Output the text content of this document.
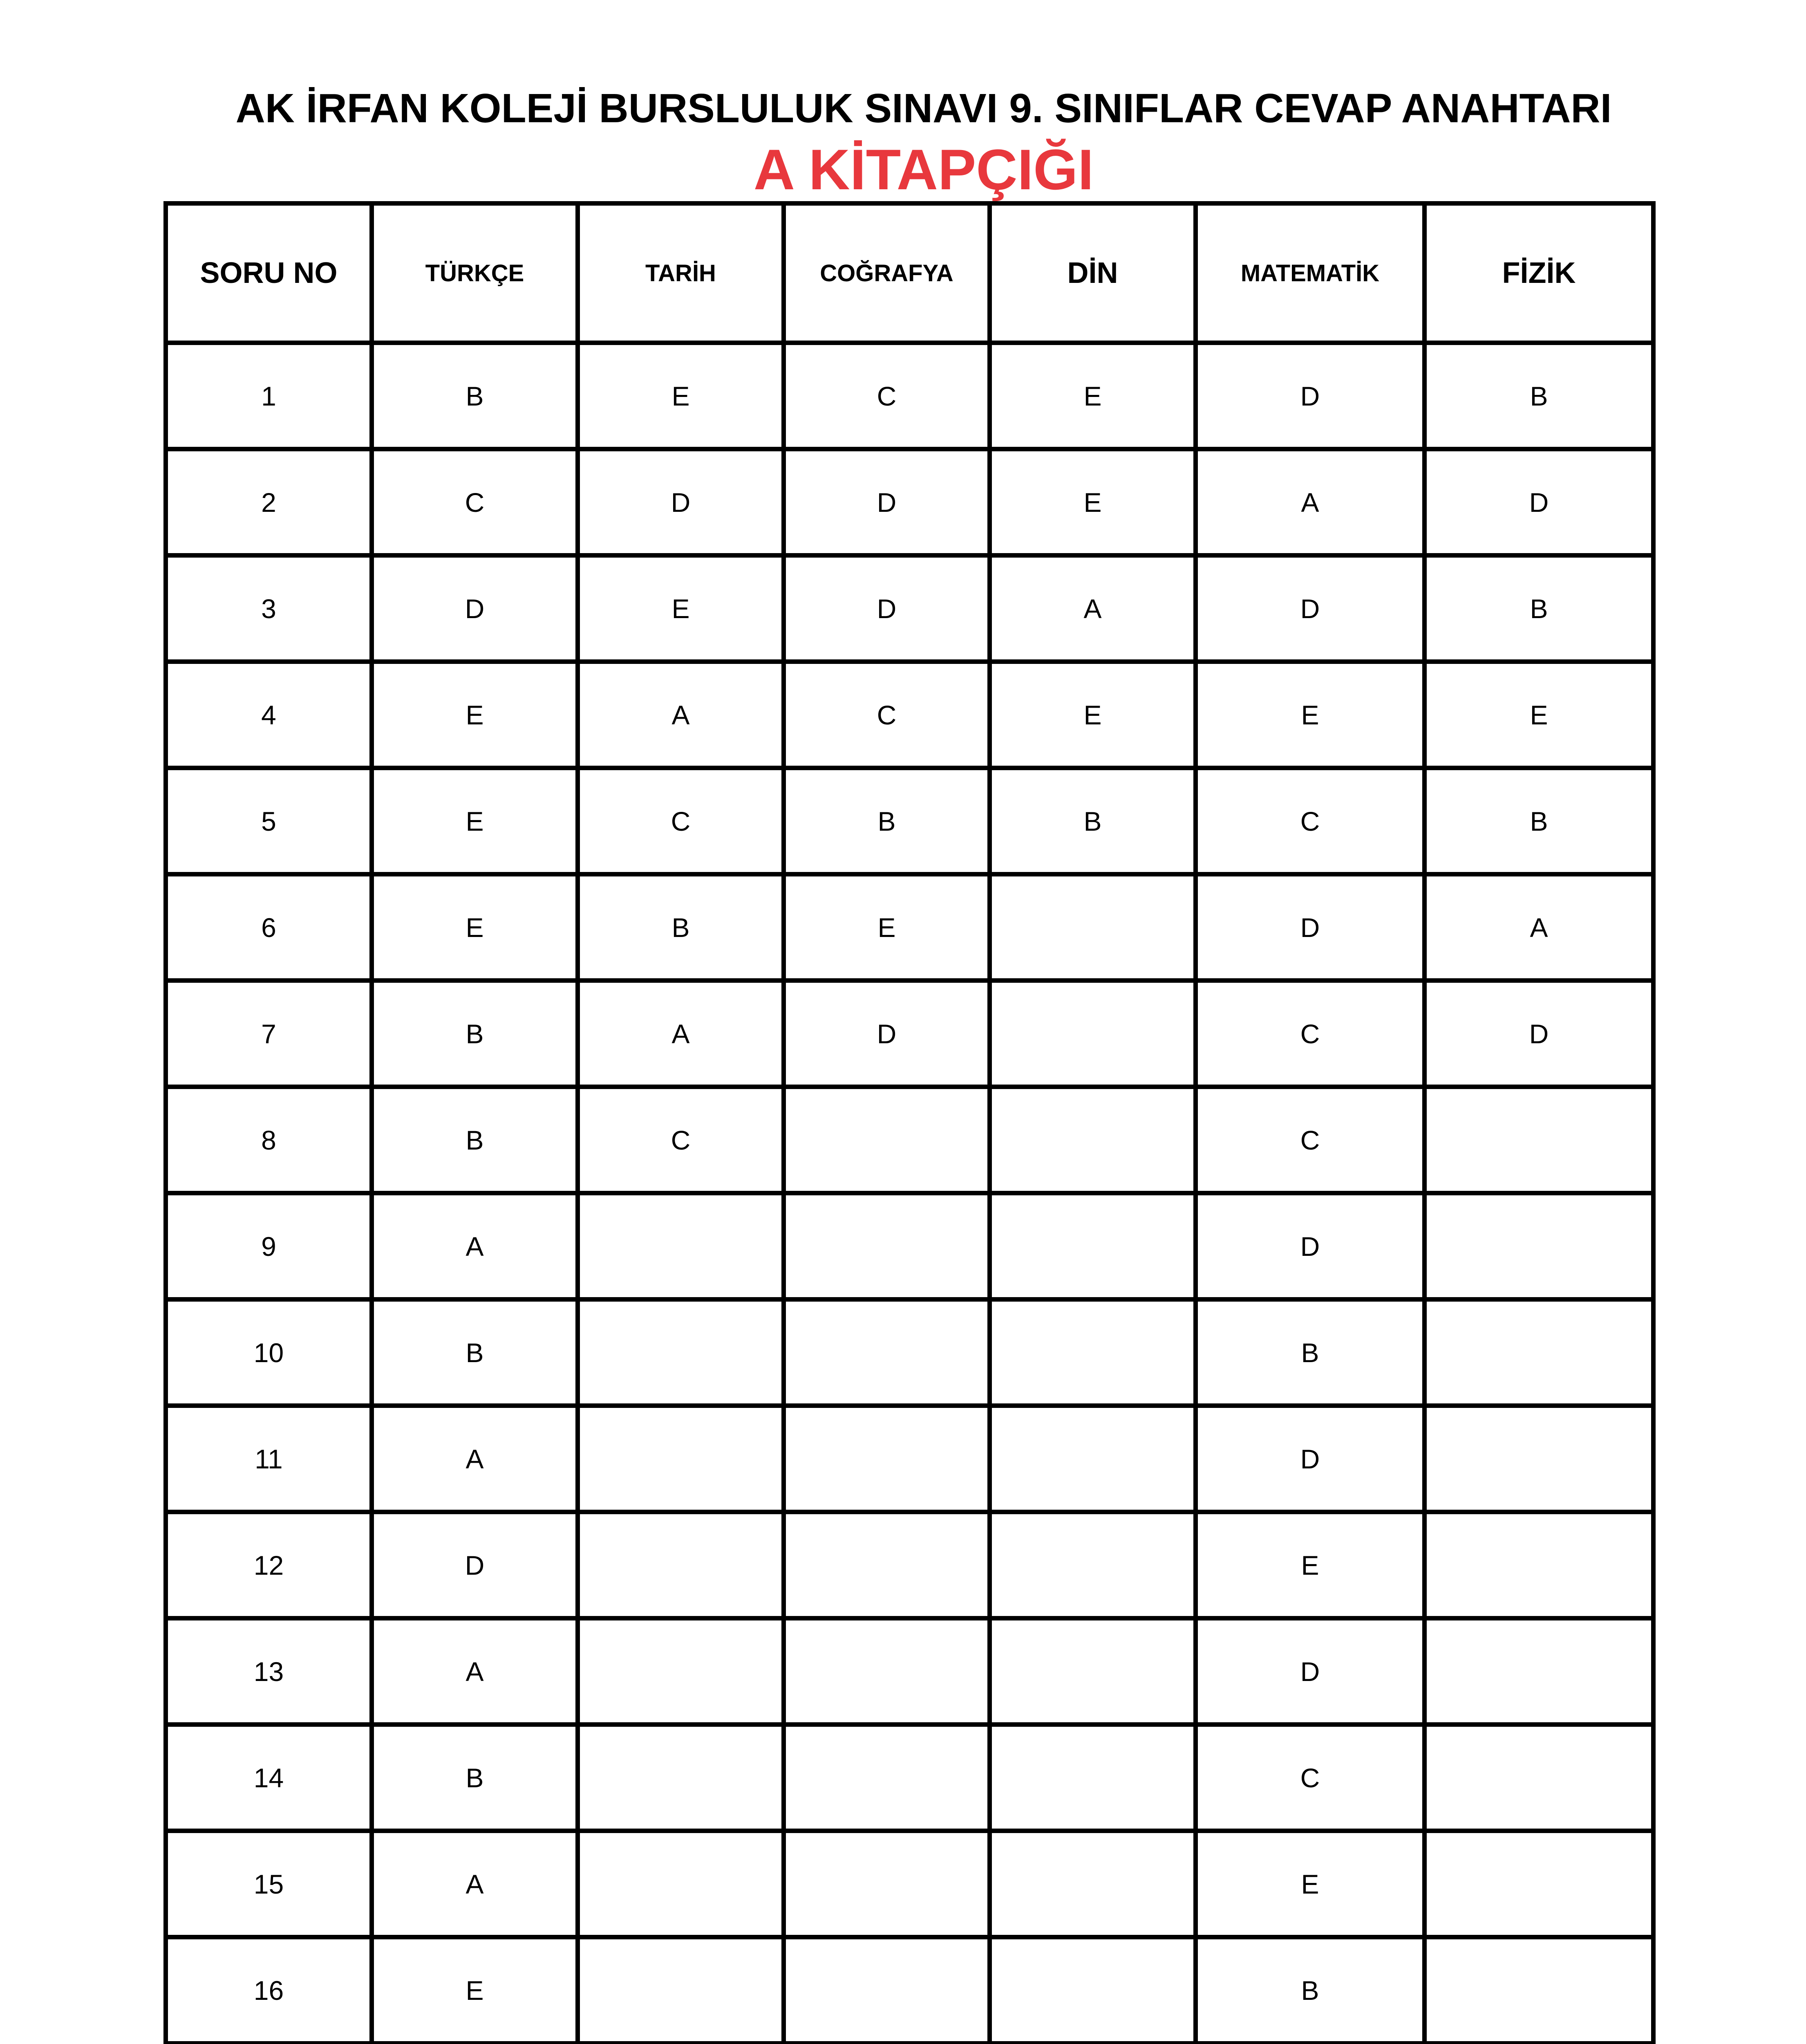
AK İRFAN KOLEJİ BURSLULUK SINAVI 9. SINIFLAR CEVAP ANAHTARI
A KİTAPÇIĞI
SORU NO	TÜRKÇE	TARİH	COĞRAFYA	DİN	MATEMATİK	FİZİK
1	B	E	C	E	D	B
2	C	D	D	E	A	D
3	D	E	D	A	D	B
4	E	A	C	E	E	E
5	E	C	B	B	C	B
6	E	B	E		D	A
7	B	A	D		C	D
8	B	C			C	
9	A				D	
10	B				B	
11	A				D	
12	D				E	
13	A				D	
14	B				C	
15	A				E	
16	E				B	
